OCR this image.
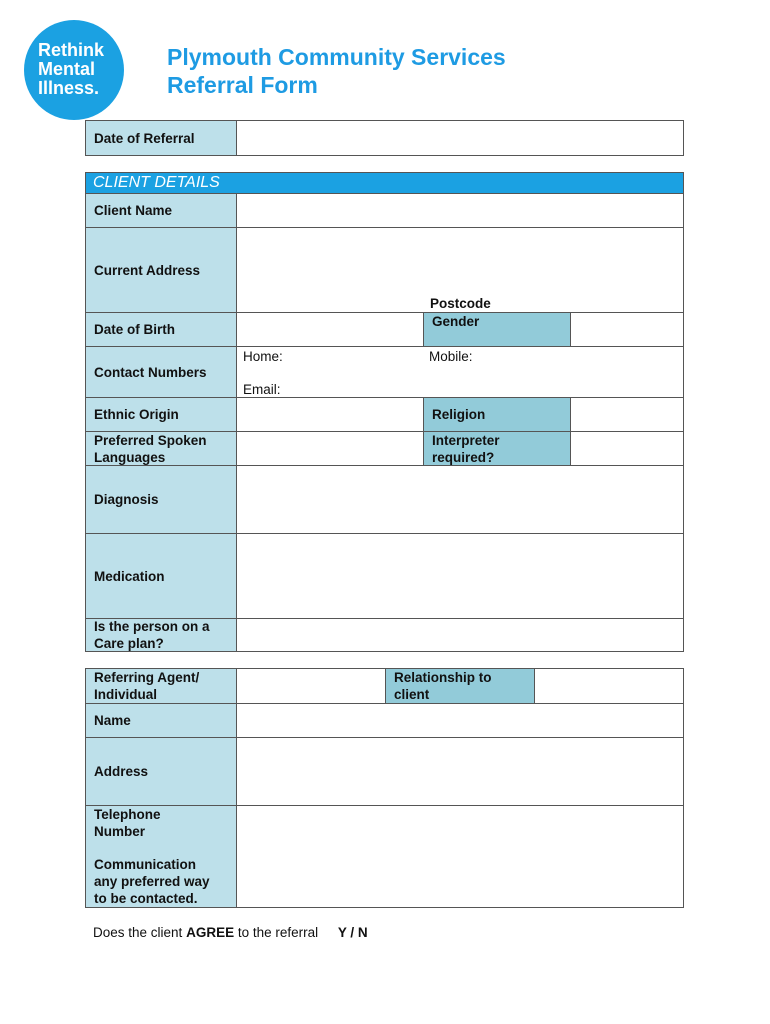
Rethink
Mental
Illness.
Plymouth Community Services
Referral Form
Date of Referral
CLIENT DETAILS
Client Name
Current Address
Postcode
Date of Birth
Gender
Contact Numbers
Home:	Mobile:
Email:
Ethnic Origin	Religion
Preferred Spoken
Languages
Interpreter
required?
Diagnosis
Medication
Is the person on a
Care plan?
Referring Agent/
Individual
Relationship to
client
Name
Address
Telephone
Number
Communication
any preferred way
to be contacted.
Does the client AGREE to the referral Y / N
